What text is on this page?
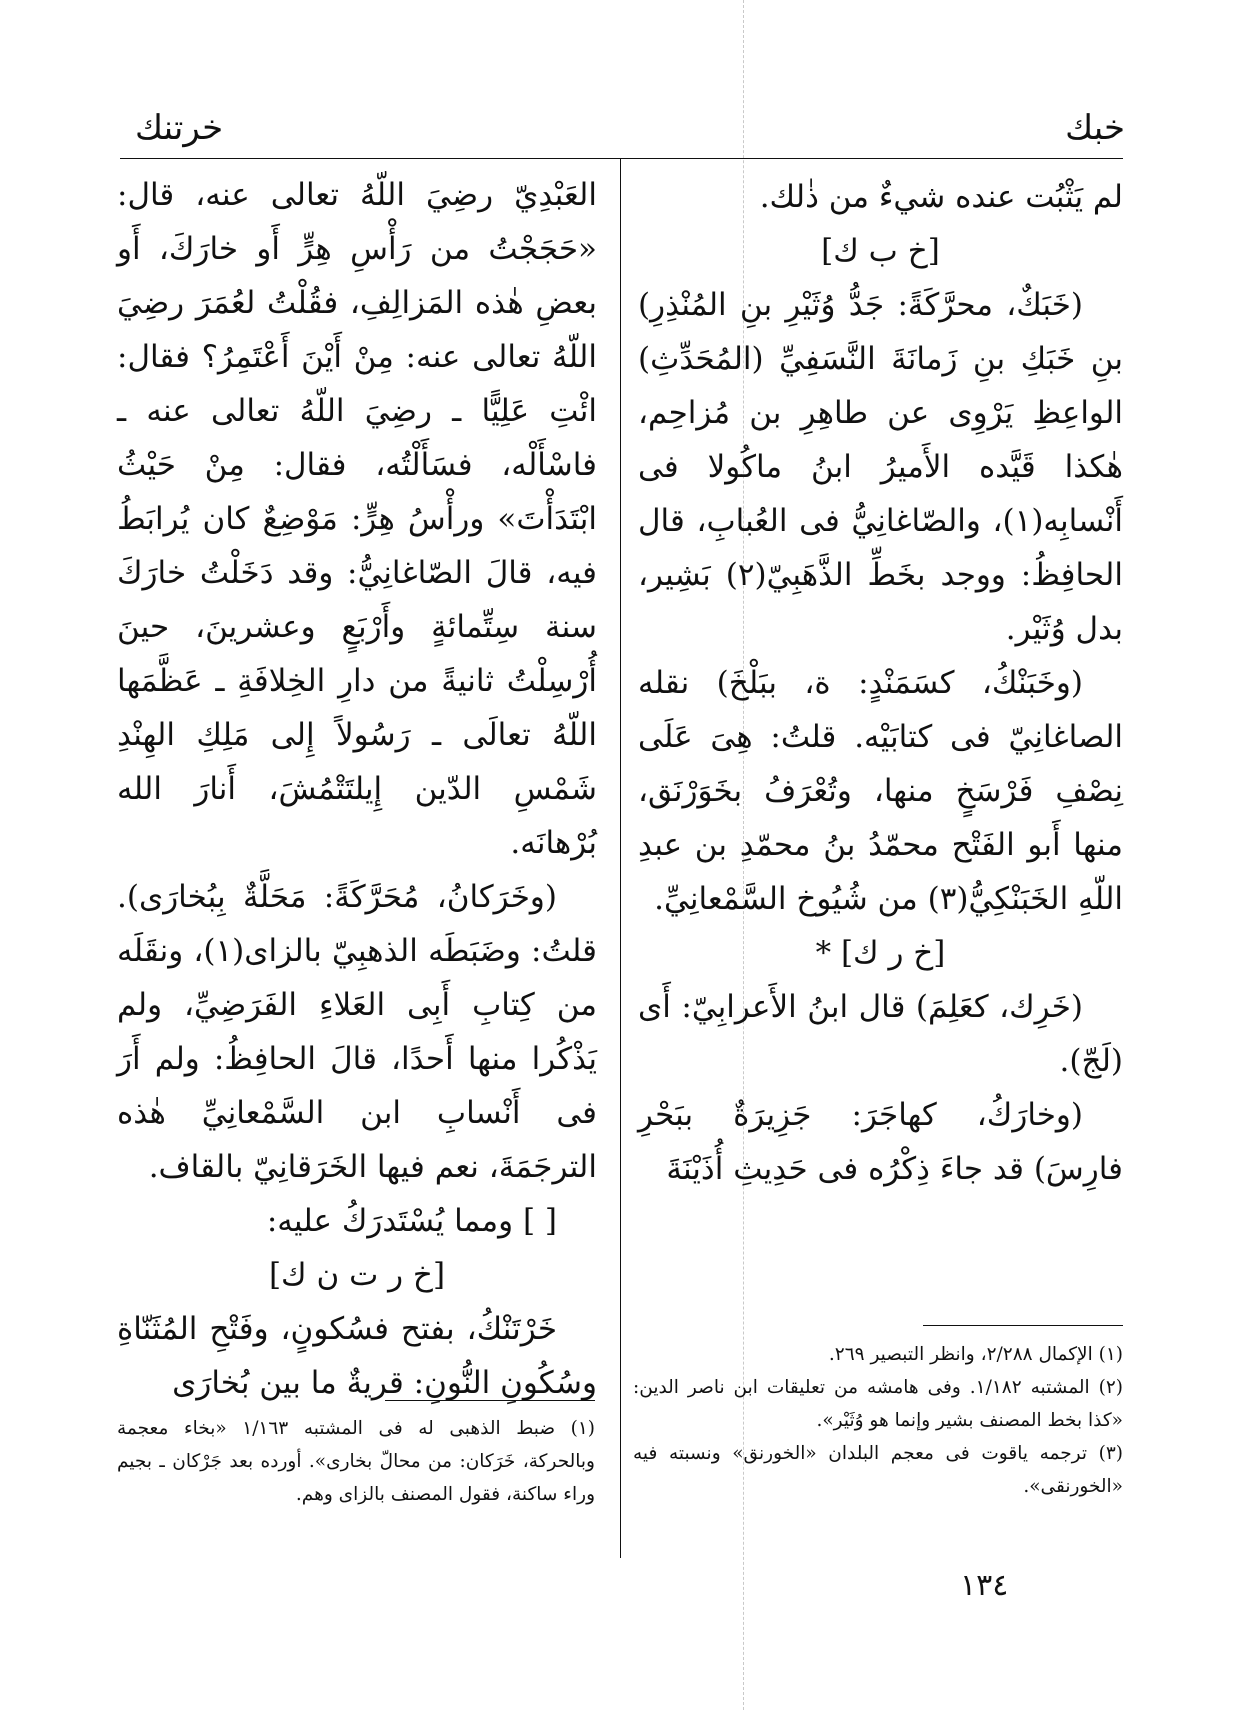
خبك
خرتنك

لم يَثْبُت عنده شيءٌ من ذٰلك.

[خ ب ك]

(خَبَكٌ، محرَّكَةً: جَدُّ وُثَيْرِ بنِ المُنْذِرِ) بنِ خَبَكِ بنِ زَمانَةَ النَّسَفِيِّ (المُحَدِّثِ) الواعِظِ يَرْوِى عن طاهِرِ بن مُزاحِم، هٰكذا قَيَّده الأَميرُ ابنُ ماكُولا فى أَنْسابِه(١)، والصّاغانِيُّ فى العُبابِ، قال الحافِظُ: ووجد بخَطِّ الذَّهَبِيّ(٢) بَشِير، بدل وُثَيْر.

(وخَبَنْكُ، كسَمَنْدٍ: ة، ببَلْخَ) نقله الصاغانِيّ فى كتابَيْه. قلتُ: هِىَ عَلَى نِصْفِ فَرْسَخٍ منها، وتُعْرَفُ بخَوَرْنَق، منها أَبو الفَتْح محمّدُ بنُ محمّدِ بن عبدِ اللّهِ الخَبَنْكِيُّ(٣) من شُيُوخ السَّمْعانِيِّ.

[خ ر ك] *

(خَرِك، كعَلِمَ) قال ابنُ الأَعرابِيّ: أَى (لَجّ).

(وخارَكُ، كهاجَرَ: جَزِيرَةٌ ببَحْرِ فارِسَ) قد جاءَ ذِكْرُه فى حَدِيثِ أُذَيْنَةَ

العَبْدِيّ رضِيَ اللّهُ تعالى عنه، قال: «حَجَجْتُ من رَأْسِ هِرٍّ أَو خارَكَ، أَو بعضِ هٰذه المَزالِفِ، فقُلْتُ لعُمَرَ رضِيَ اللّهُ تعالى عنه: مِنْ أَيْنَ أَعْتَمِرُ؟ فقال: ائْتِ عَلِيًّا ـ رضِيَ اللّهُ تعالى عنه ـ فاسْأَلْه، فسَأَلْتُه، فقال: مِنْ حَيْثُ ابْتَدَأْتَ» ورأْسُ هِرٍّ: مَوْضِعٌ كان يُرابَطُ فيه، قالَ الصّاغانِيُّ: وقد دَخَلْتُ خارَكَ سنة سِتِّمائةٍ وأَرْبَعٍ وعشرينَ، حينَ أُرْسِلْتُ ثانيةً من دارِ الخِلافَةِ ـ عَظَّمَها اللّهُ تعالَى ـ رَسُولاً إِلى مَلِكِ الهِنْدِ شَمْسِ الدّين إِيلتَتْمُشَ، أَنارَ الله بُرْهانَه.

(وخَرَكانُ، مُحَرَّكَةً: مَحَلَّةٌ بِبُخارَى). قلتُ: وضَبَطَه الذهبِيّ بالزاى(١)، ونقَلَه من كِتابِ أَبِى العَلاءِ الفَرَضِيِّ، ولم يَذْكُرا منها أَحدًا، قالَ الحافِظُ: ولم أَرَ فى أَنْسابِ ابن السَّمْعانِيِّ هٰذه الترجَمَةَ، نعم فيها الخَرَقانِيّ بالقاف.

[ ] ومما يُسْتَدرَكُ عليه:

[خ ر ت ن ك]

خَرْتَنْكُ، بفتح فسُكونٍ، وفَتْحِ المُثَنّاةِ وسُكُونِ النُّونِ: قريةٌ ما بين بُخارَى

(١) الإكمال ٢/٢٨٨، وانظر التبصير ٢٦٩.

(٢) المشتبه ١/١٨٢. وفى هامشه من تعليقات ابن ناصر الدين: «كذا بخط المصنف بشير وإنما هو وُثَيْر».

(٣) ترجمه ياقوت فى معجم البلدان «الخورنق» ونسبته فيه «الخورنقى».

(١) ضبط الذهبى له فى المشتبه ١/١٦٣ «بخاء معجمة وبالحركة، خَرَكان: من محالّ بخارى». أورده بعد جَرْكان ـ بجيم وراء ساكنة، فقول المصنف بالزاى وهم.

١٣٤
